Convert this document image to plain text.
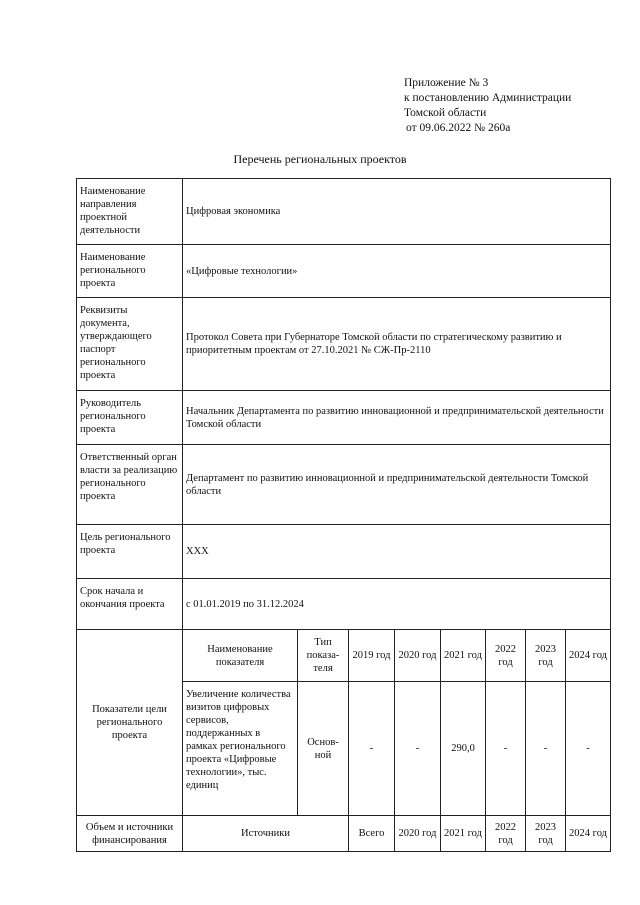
Приложение № 3
к постановлению Администрации
Томской области
от 09.06.2022 № 260а
Перечень региональных проектов
Наименование направления проектной деятельности	Цифровая экономика							
Наименование регионального проекта	«Цифровые технологии»							
Реквизиты документа, утверждающего паспорт регионального проекта	Протокол Совета при Губернаторе Томской области по стратегическому развитию и приоритетным проектам от 27.10.2021 № СЖ-Пр-2110							
Руководитель регионального проекта	Начальник Департамента по развитию инновационной и предпринимательской деятельности Томской области							
Ответственный орган власти за реализацию регионального проекта	Департамент по развитию инновационной и предпринимательской деятельности Томской области							
Цель регионального проекта	ХХХ							
Срок начала и окончания проекта	с 01.01.2019 по 31.12.2024							
Показатели цели регионального проекта	Наименование показателя	Тип показа-теля	2019 год	2020 год	2021 год	2022 год	2023 год	2024 год
	Увеличение количества визитов цифровых сервисов, поддержанных в рамках регионального проекта «Цифровые технологии», тыс. единиц	Основ-ной	-	-	290,0	-	-	-
Объем и источники финансирования	Источники		Всего	2020 год	2021 год	2022 год	2023 год	2024 год
